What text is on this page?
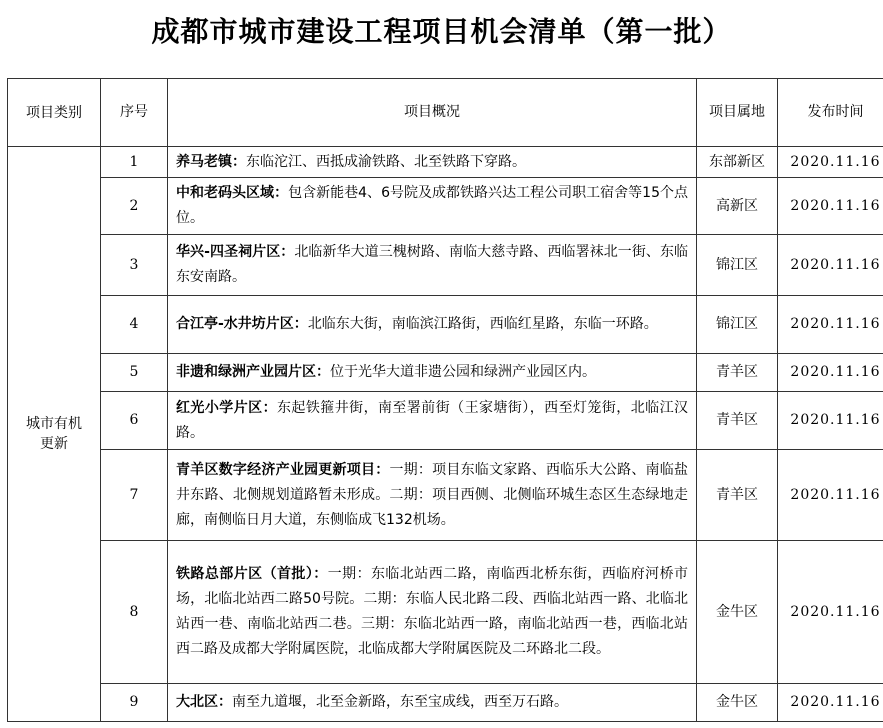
成都市城市建设工程项目机会清单（第一批）
项目类别	序号	项目概况	项目属地	发布时间

城市有机更新	1	养马老镇：东临沱江、西抵成渝铁路、北至铁路下穿路。	东部新区	2020.11.16
	2	中和老码头区域：包含新能巷4、6号院及成都铁路兴达工程公司职工宿舍等15个点位。	高新区	2020.11.16
	3	华兴-四圣祠片区：北临新华大道三槐树路、南临大慈寺路、西临署袜北一街、东临东安南路。	锦江区	2020.11.16
	4	合江亭-水井坊片区：北临东大街，南临滨江路街，西临红星路，东临一环路。	锦江区	2020.11.16
	5	非遗和绿洲产业园片区：位于光华大道非遗公园和绿洲产业园区内。	青羊区	2020.11.16
	6	红光小学片区：东起铁箍井街，南至署前街（王家塘街），西至灯笼街，北临江汉路。	青羊区	2020.11.16
	7	青羊区数字经济产业园更新项目：一期：项目东临文家路、西临乐大公路、南临盐井东路、北侧规划道路暂未形成。二期：项目西侧、北侧临环城生态区生态绿地走廊，南侧临日月大道，东侧临成飞132机场。	青羊区	2020.11.16
	8	铁路总部片区（首批）：一期：东临北站西二路，南临西北桥东街，西临府河桥市场，北临北站西二路50号院。二期：东临人民北路二段、西临北站西一路、北临北站西一巷、南临北站西二巷。三期：东临北站西一路，南临北站西一巷，西临北站西二路及成都大学附属医院，北临成都大学附属医院及二环路北二段。	金牛区	2020.11.16
	9	大北区：南至九道堰，北至金新路，东至宝成线，西至万石路。	金牛区	2020.11.16
